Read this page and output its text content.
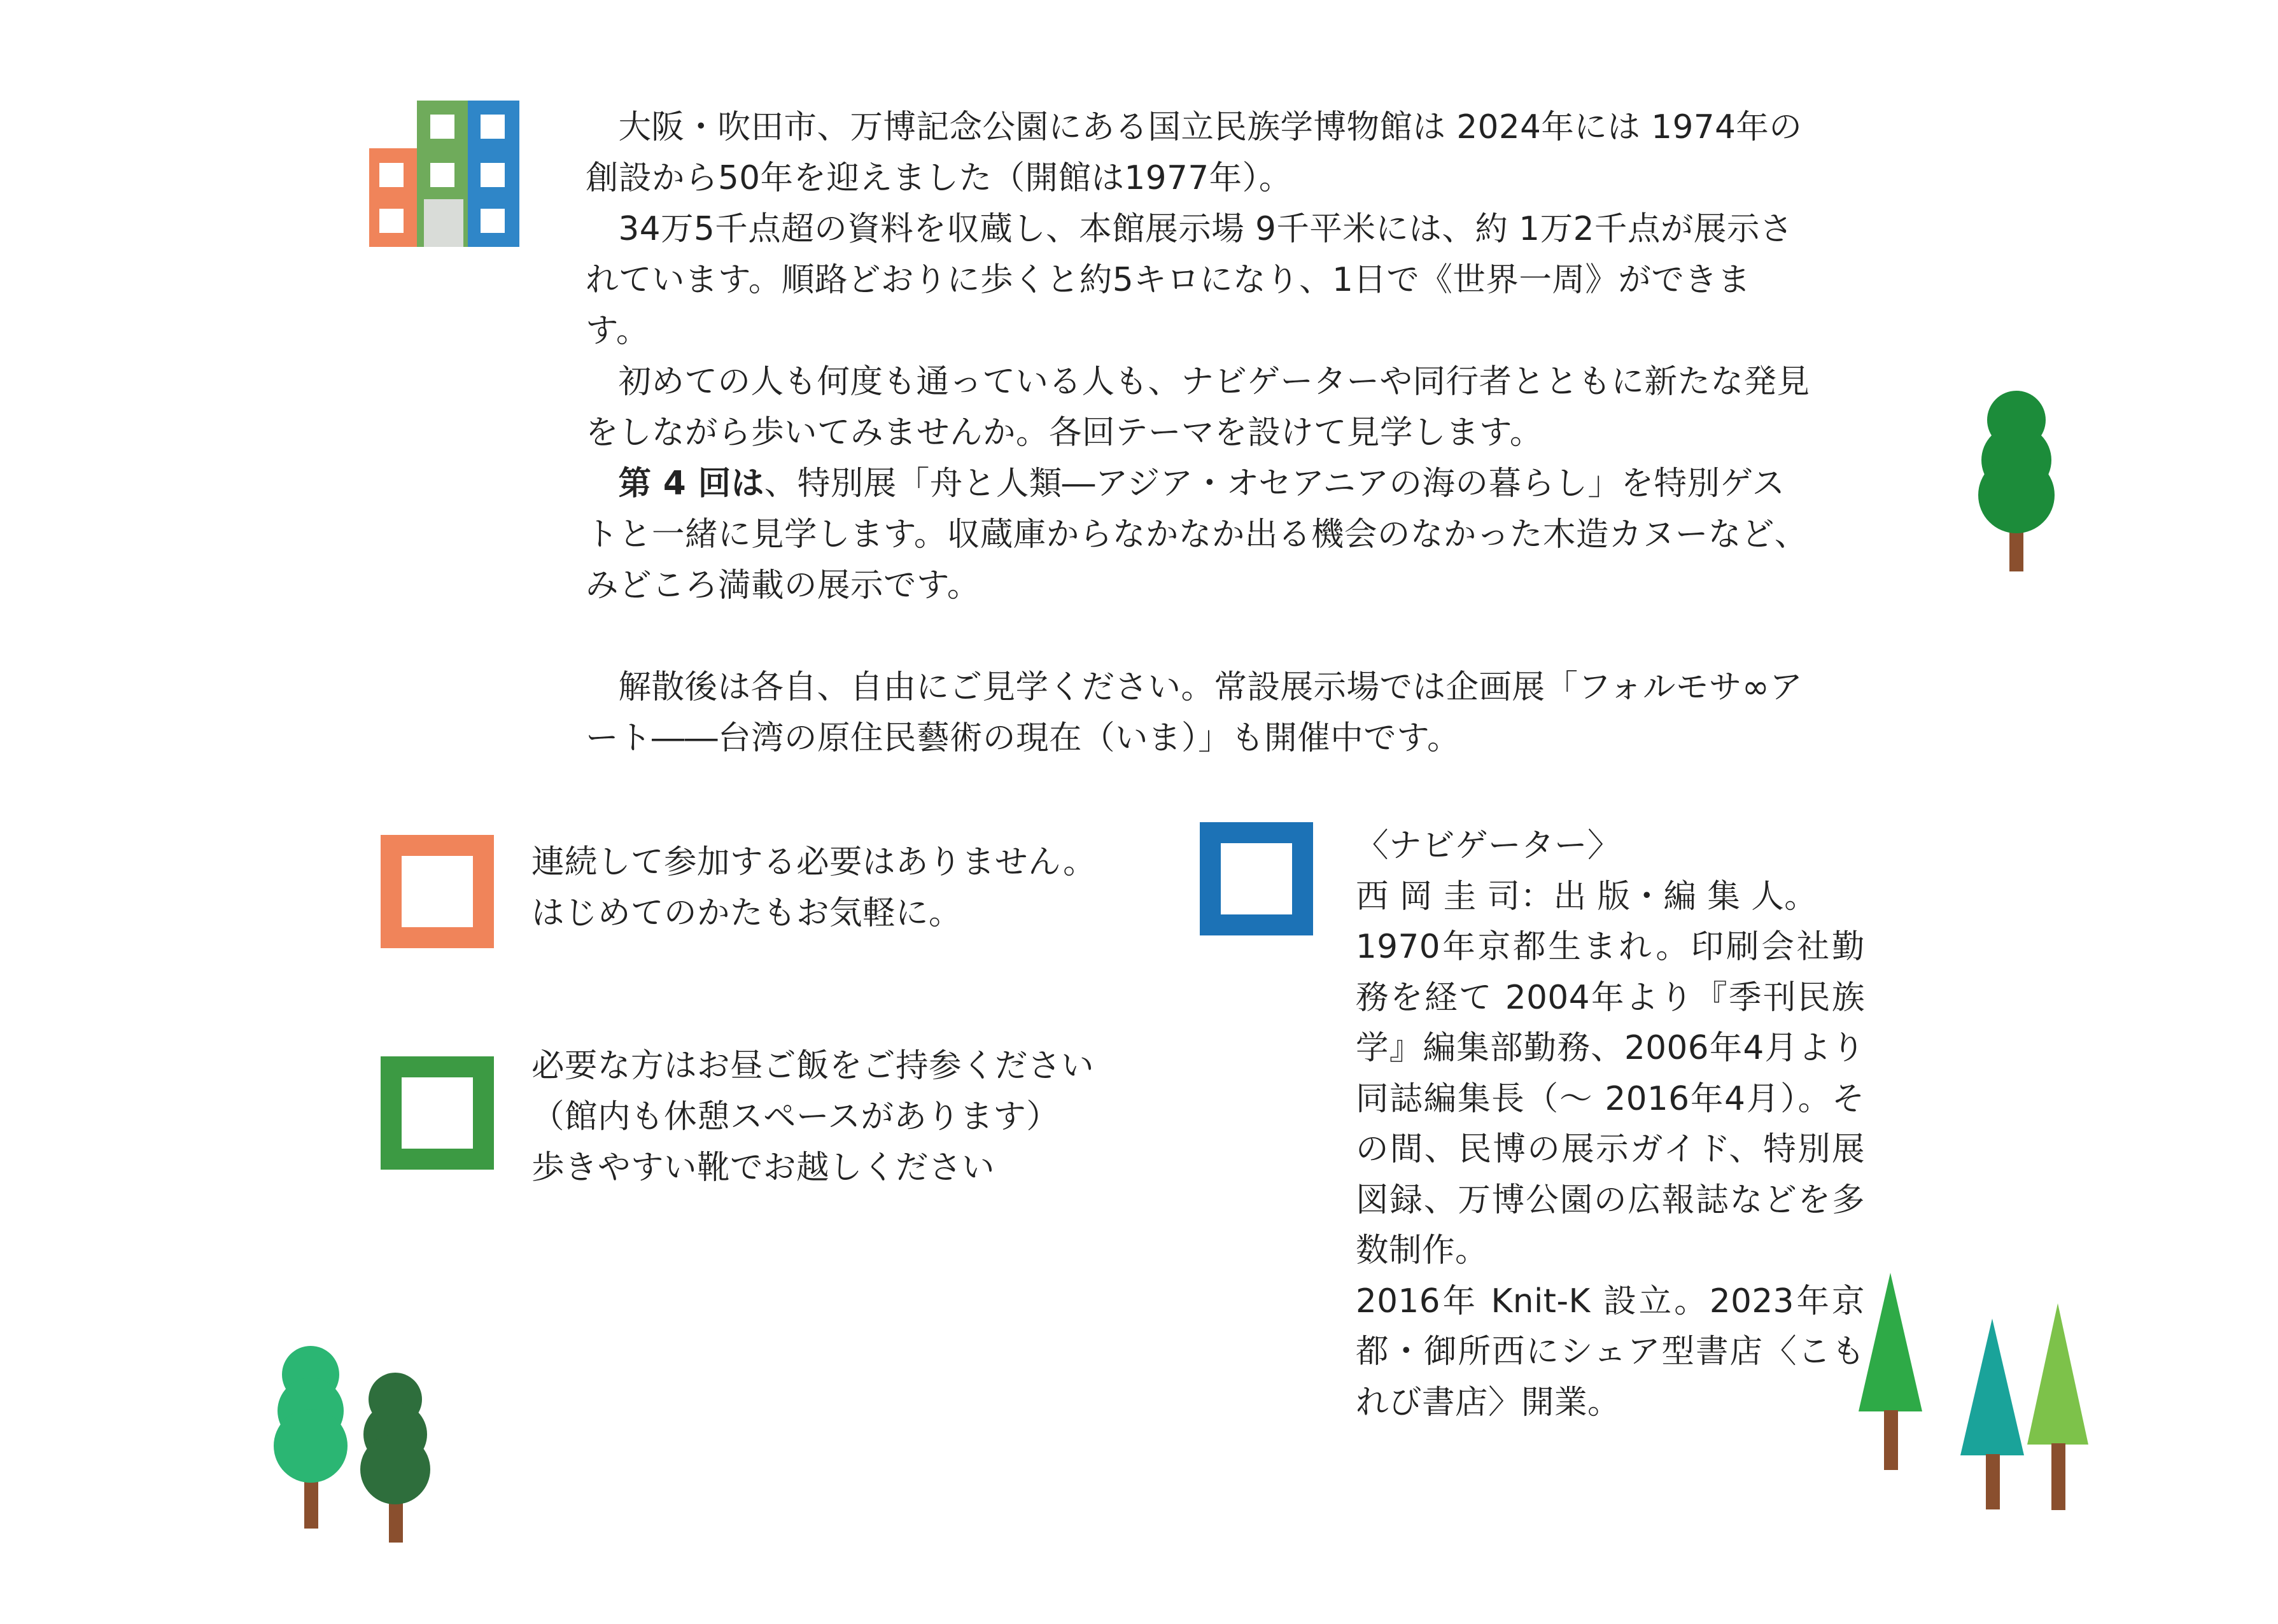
大阪・吹田市、万博記念公園にある国立民族学博物館は 2024年には 1974年の創設から50年を迎えました（開館は1977年）。

34万5千点超の資料を収蔵し、本館展示場 9千平米には、約 1万2千点が展示されています。順路どおりに歩くと約5キロになり、1日で《世界一周》ができます。

初めての人も何度も通っている人も、ナビゲーターや同行者とともに新たな発見をしながら歩いてみませんか。各回テーマを設けて見学します。

第 4 回は、特別展「舟と人類―アジア・オセアニアの海の暮らし」を特別ゲストと一緒に見学します。収蔵庫からなかなか出る機会のなかった木造カヌーなど、みどころ満載の展示です。

解散後は各自、自由にご見学ください。常設展示場では企画展「フォルモサ∞アート――台湾の原住民藝術の現在（いま）」も開催中です。

連続して参加する必要はありません。
はじめてのかたもお気軽に。
必要な方はお昼ご飯をご持参ください
（館内も休憩スペースがあります）
歩きやすい靴でお越しください
〈ナビゲーター〉
西 岡 圭 司：出 版・編 集 人。
1970年京都生まれ。印刷会社勤務を経て 2004年より『季刊民族学』編集部勤務、2006年4月より同誌編集長（〜 2016年4月）。その間、民博の展示ガイド、特別展図録、万博公園の広報誌などを多数制作。
2016年 Knit-K 設立。2023年京都・御所西にシェア型書店〈こもれび書店〉開業。
